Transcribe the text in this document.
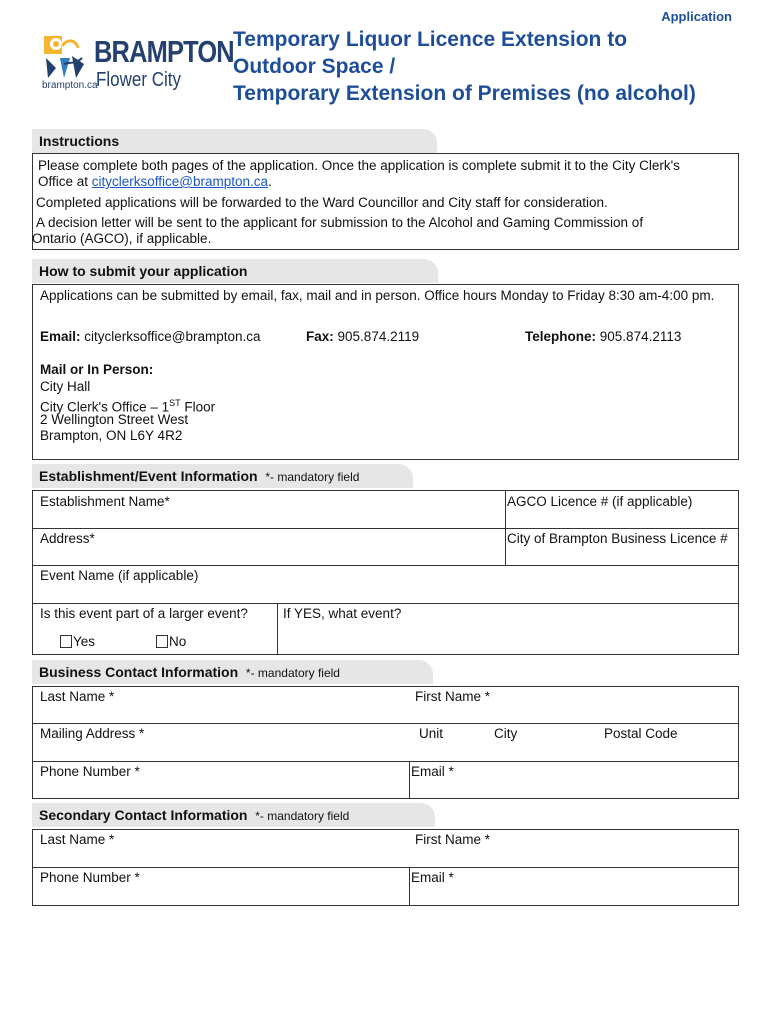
Application
BRAMPTON
Flower City
brampton.ca
Temporary Liquor Licence Extension to
Outdoor Space /
Temporary Extension of Premises (no alcohol)
Instructions
Please complete both pages of the application. Once the application is complete submit it to the City Clerk's
Office at cityclerksoffice@brampton.ca.
Completed applications will be forwarded to the Ward Councillor and City staff for consideration.
A decision letter will be sent to the applicant for submission to the Alcohol and Gaming Commission of
Ontario (AGCO), if applicable.
How to submit your application
Applications can be submitted by email, fax, mail and in person. Office hours Monday to Friday 8:30 am-4:00 pm.
Email: cityclerksoffice@brampton.ca	Fax: 905.874.2119	Telephone: 905.874.2113
Mail or In Person:
City Hall
City Clerk's Office – 1ST Floor
2 Wellington Street West
Brampton, ON L6Y 4R2
Establishment/Event Information *- mandatory field
Establishment Name*	AGCO Licence # (if applicable)
Address*	City of Brampton Business Licence #
Event Name (if applicable)
Is this event part of a larger event?	If YES, what event?
Yes	No
Business Contact Information *- mandatory field
Last Name *	First Name *
Mailing Address *	Unit	City	Postal Code
Phone Number *	Email *
Secondary Contact Information *- mandatory field
Last Name *	First Name *
Phone Number *	Email *
